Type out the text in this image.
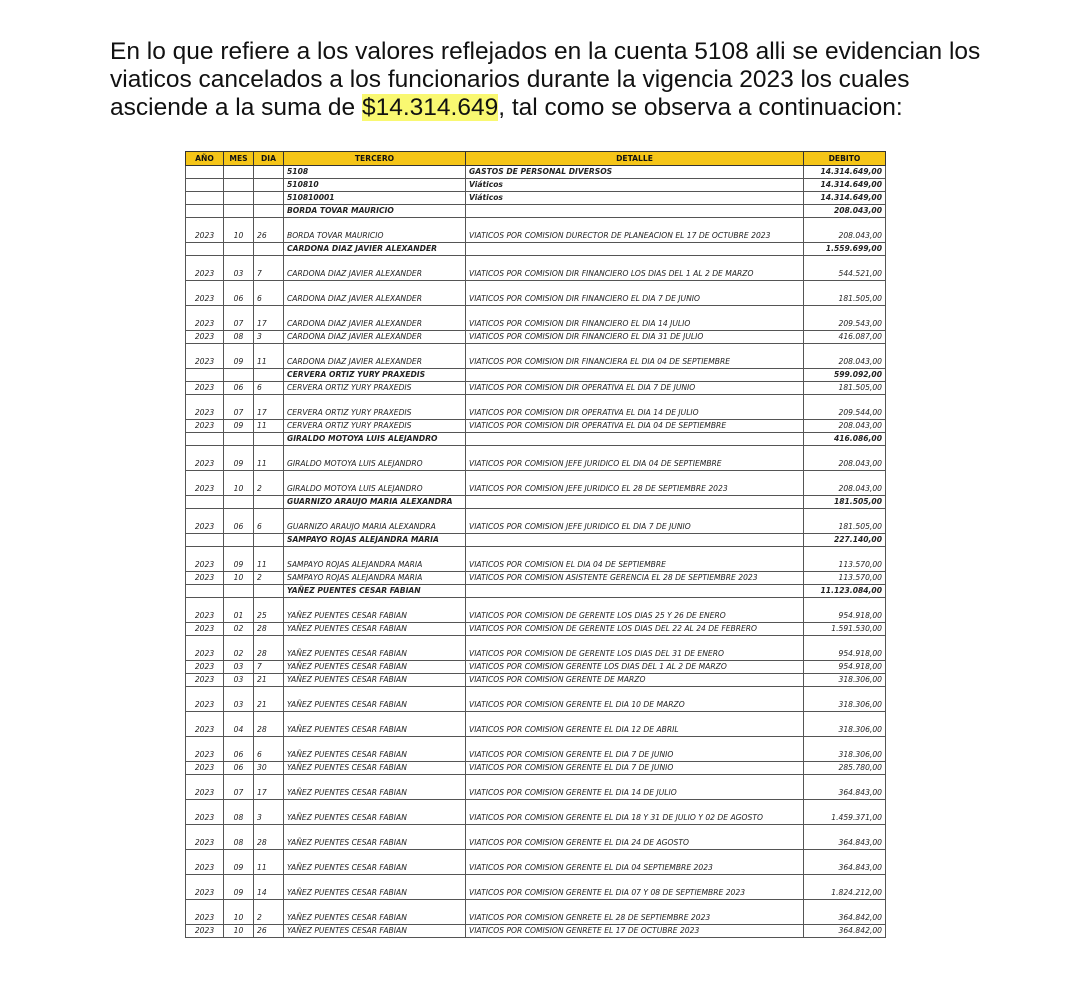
En lo que refiere a los valores reflejados en la cuenta 5108 alli se evidencian los viaticos cancelados a los funcionarios durante la vigencia 2023 los cuales asciende a la suma de $14.314.649, tal como se observa a continuacion:

AÑO	MES	DIA	TERCERO	DETALLE	DEBITO
			5108	GASTOS DE PERSONAL DIVERSOS	14.314.649,00
			510810	Viáticos	14.314.649,00
			510810001	Viáticos	14.314.649,00
			BORDA TOVAR MAURICIO		208.043,00
2023	10	26	BORDA TOVAR MAURICIO	VIATICOS POR COMISION DURECTOR DE PLANEACION EL 17 DE OCTUBRE 2023	208.043,00
			CARDONA DIAZ JAVIER ALEXANDER		1.559.699,00
2023	03	7	CARDONA DIAZ JAVIER ALEXANDER	VIATICOS POR COMISION DIR FINANCIERO LOS DIAS DEL 1 AL 2 DE MARZO	544.521,00
2023	06	6	CARDONA DIAZ JAVIER ALEXANDER	VIATICOS POR COMISION DIR FINANCIERO EL DIA 7 DE JUNIO	181.505,00
2023	07	17	CARDONA DIAZ JAVIER ALEXANDER	VIATICOS POR COMISION DIR FINANCIERO EL DIA 14 JULIO	209.543,00
2023	08	3	CARDONA DIAZ JAVIER ALEXANDER	VIATICOS POR COMISION DIR FINANCIERO EL DIA 31 DE JULIO	416.087,00
2023	09	11	CARDONA DIAZ JAVIER ALEXANDER	VIATICOS POR COMISION DIR FINANCIERA EL DIA 04 DE SEPTIEMBRE	208.043,00
			CERVERA ORTIZ YURY PRAXEDIS		599.092,00
2023	06	6	CERVERA ORTIZ YURY PRAXEDIS	VIATICOS POR COMISION DIR OPERATIVA EL DIA 7 DE JUNIO	181.505,00
2023	07	17	CERVERA ORTIZ YURY PRAXEDIS	VIATICOS POR COMISION DIR OPERATIVA EL DIA 14 DE JULIO	209.544,00
2023	09	11	CERVERA ORTIZ YURY PRAXEDIS	VIATICOS POR COMISION DIR OPERATIVA EL DIA 04 DE SEPTIEMBRE	208.043,00
			GIRALDO MOTOYA LUIS ALEJANDRO		416.086,00
2023	09	11	GIRALDO MOTOYA LUIS ALEJANDRO	VIATICOS POR COMISION JEFE JURIDICO EL DIA 04 DE SEPTIEMBRE	208.043,00
2023	10	2	GIRALDO MOTOYA LUIS ALEJANDRO	VIATICOS POR COMISION JEFE JURIDICO EL 28 DE SEPTIEMBRE 2023	208.043,00
			GUARNIZO ARAUJO MARIA ALEXANDRA		181.505,00
2023	06	6	GUARNIZO ARAUJO MARIA ALEXANDRA	VIATICOS POR COMISION JEFE JURIDICO EL DIA 7 DE JUNIO	181.505,00
			SAMPAYO ROJAS ALEJANDRA MARIA		227.140,00
2023	09	11	SAMPAYO ROJAS ALEJANDRA MARIA	VIATICOS POR COMISION EL DIA 04 DE SEPTIEMBRE	113.570,00
2023	10	2	SAMPAYO ROJAS ALEJANDRA MARIA	VIATICOS POR COMISION ASISTENTE GERENCIA EL 28 DE SEPTIEMBRE 2023	113.570,00
			YAÑEZ PUENTES CESAR FABIAN		11.123.084,00
2023	01	25	YAÑEZ PUENTES CESAR FABIAN	VIATICOS POR COMISION DE GERENTE LOS DIAS 25 Y 26 DE ENERO	954.918,00
2023	02	28	YAÑEZ PUENTES CESAR FABIAN	VIATICOS POR COMISION DE GERENTE LOS DIAS DEL 22 AL 24 DE FEBRERO	1.591.530,00
2023	02	28	YAÑEZ PUENTES CESAR FABIAN	VIATICOS POR COMISION DE GERENTE LOS DIAS DEL 31 DE ENERO	954.918,00
2023	03	7	YAÑEZ PUENTES CESAR FABIAN	VIATICOS POR COMISION GERENTE LOS DIAS DEL 1 AL 2 DE MARZO	954.918,00
2023	03	21	YAÑEZ PUENTES CESAR FABIAN	VIATICOS POR COMISION GERENTE DE MARZO	318.306,00
2023	03	21	YAÑEZ PUENTES CESAR FABIAN	VIATICOS POR COMISION GERENTE EL DIA 10 DE MARZO	318.306,00
2023	04	28	YAÑEZ PUENTES CESAR FABIAN	VIATICOS POR COMISION GERENTE EL DIA 12 DE ABRIL	318.306,00
2023	06	6	YAÑEZ PUENTES CESAR FABIAN	VIATICOS POR COMISION GERENTE EL DIA 7 DE JUNIO	318.306,00
2023	06	30	YAÑEZ PUENTES CESAR FABIAN	VIATICOS POR COMISION GERENTE EL DIA 7 DE JUNIO	285.780,00
2023	07	17	YAÑEZ PUENTES CESAR FABIAN	VIATICOS POR COMISION GERENTE EL DIA 14 DE JULIO	364.843,00
2023	08	3	YAÑEZ PUENTES CESAR FABIAN	VIATICOS POR COMISION GERENTE EL DIA 18 Y 31 DE JULIO Y 02 DE AGOSTO	1.459.371,00
2023	08	28	YAÑEZ PUENTES CESAR FABIAN	VIATICOS POR COMISION GERENTE EL DIA 24 DE AGOSTO	364.843,00
2023	09	11	YAÑEZ PUENTES CESAR FABIAN	VIATICOS POR COMISION GERENTE EL DIA 04 SEPTIEMBRE 2023	364.843,00
2023	09	14	YAÑEZ PUENTES CESAR FABIAN	VIATICOS POR COMISION GERENTE EL DIA 07 Y 08 DE SEPTIEMBRE 2023	1.824.212,00
2023	10	2	YAÑEZ PUENTES CESAR FABIAN	VIATICOS POR COMISION GENRETE EL 28 DE SEPTIEMBRE 2023	364.842,00
2023	10	26	YAÑEZ PUENTES CESAR FABIAN	VIATICOS POR COMISION GENRETE EL 17 DE OCTUBRE 2023	364.842,00
